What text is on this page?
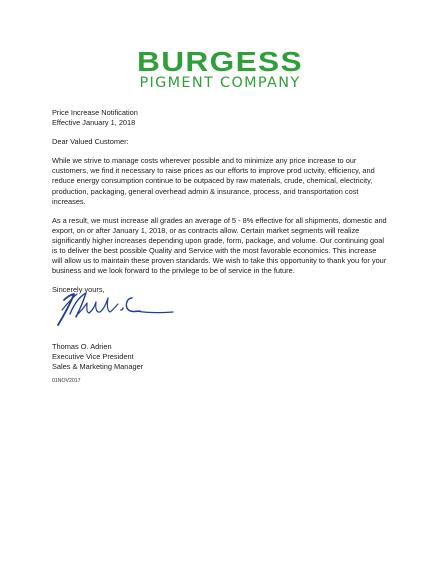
BURGESS
PIGMENT COMPANY

Price Increase Notification

Effective January 1, 2018

Dear Valued Customer:

While we strive to manage costs wherever possible and to minimize any price increase to our customers, we find it necessary to raise prices as our efforts to improve prod uctvity, efficiency, and reduce energy consumption continue to be outpaced by raw materials, crude, chemical, electricity, production, packaging, general overhead admin & insurance, process, and transportation cost increases.

As a result, we must increase all grades an average of 5 - 8% effective for all shipments, domestic and export, on or after January 1, 2018, or as contracts allow. Certain market segments will realize significantly higher increases depending upon grade, form, package, and volume. Our continuing goal is to deliver the best possible Quality and Service with the most favorable economics. This increase will allow us to maintain these proven standards. We wish to take this opportunity to thank you for your business and we look forward to the privilege to be of service in the future.

Sincerely yours,

Thomas O. Adrien
Executive Vice President
Sales & Marketing Manager
01NOV2017
